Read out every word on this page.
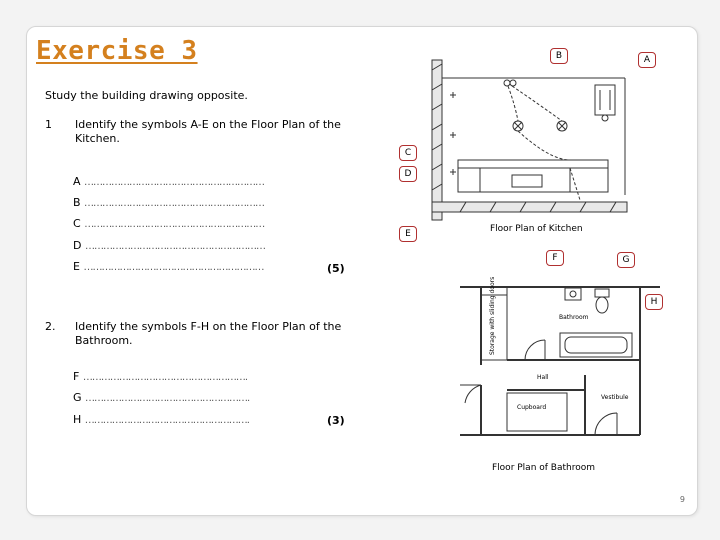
Exercise 3
Study the building drawing opposite.
1 Identify the symbols A-E on the Floor Plan of the Kitchen.
A ……………………………………………………
B ……………………………………………………
C ……………………………………………………
D ……………………………………………………
E ……………………………………………………	(5)
2. Identify the symbols F-H on the Floor Plan of the Bathroom.
F ……………………………………………….
G ……………………………………………….
H ……………………………………………….	(3)
B	A
C
D
E	Floor Plan of Kitchen
Storage with sliding doors	Bathroom
Hall
Vestibule
Cupboard
F	G
H
Floor Plan of Bathroom
9
